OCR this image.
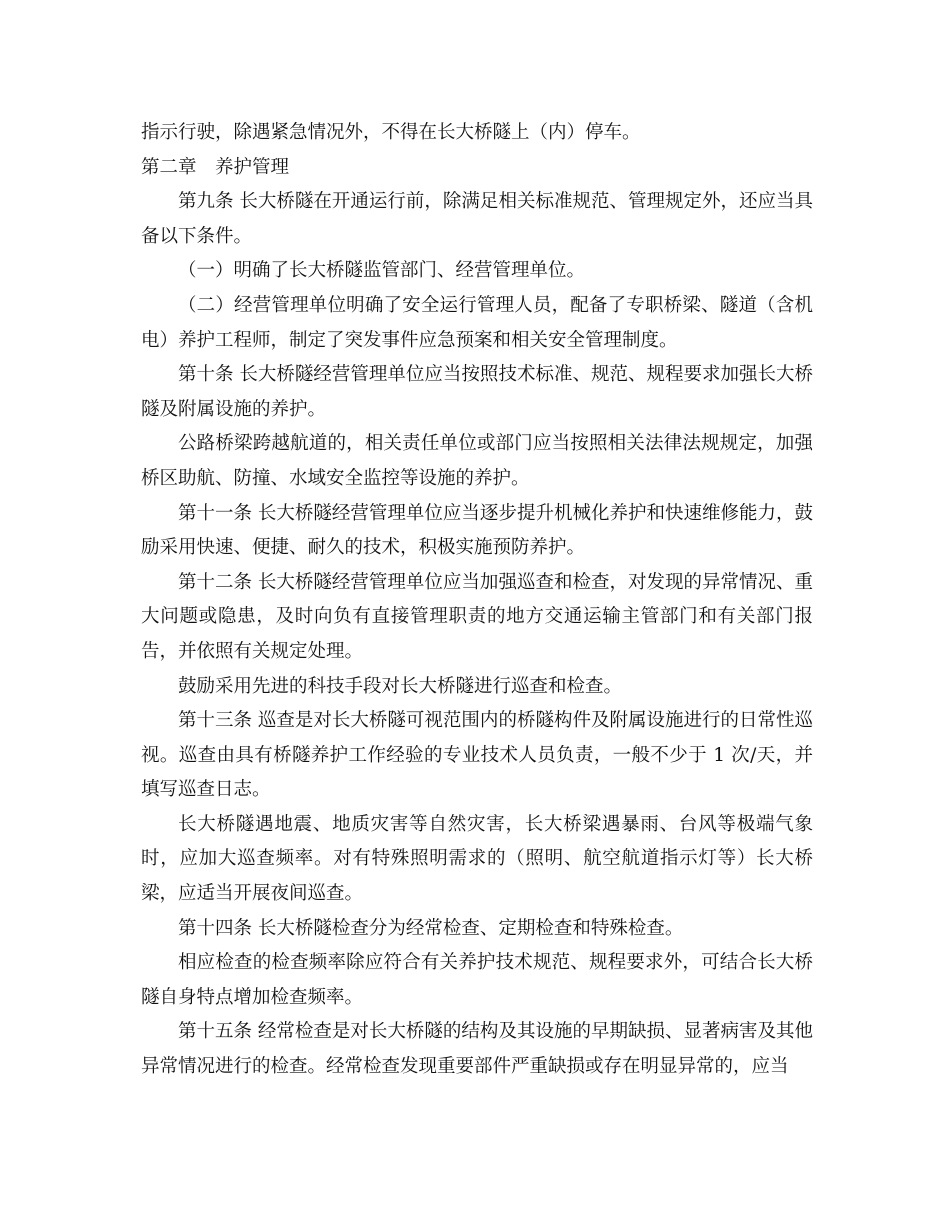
指示行驶，除遇紧急情况外，不得在长大桥隧上（内）停车。

第二章　养护管理

第九条 长大桥隧在开通运行前，除满足相关标准规范、管理规定外，还应当具备以下条件。

（一）明确了长大桥隧监管部门、经营管理单位。

（二）经营管理单位明确了安全运行管理人员，配备了专职桥梁、隧道（含机电）养护工程师，制定了突发事件应急预案和相关安全管理制度。

第十条 长大桥隧经营管理单位应当按照技术标准、规范、规程要求加强长大桥隧及附属设施的养护。

公路桥梁跨越航道的，相关责任单位或部门应当按照相关法律法规规定，加强桥区助航、防撞、水域安全监控等设施的养护。

第十一条 长大桥隧经营管理单位应当逐步提升机械化养护和快速维修能力，鼓励采用快速、便捷、耐久的技术，积极实施预防养护。

第十二条 长大桥隧经营管理单位应当加强巡查和检查，对发现的异常情况、重大问题或隐患，及时向负有直接管理职责的地方交通运输主管部门和有关部门报告，并依照有关规定处理。

鼓励采用先进的科技手段对长大桥隧进行巡查和检查。

第十三条 巡查是对长大桥隧可视范围内的桥隧构件及附属设施进行的日常性巡视。巡查由具有桥隧养护工作经验的专业技术人员负责，一般不少于 1 次/天，并填写巡查日志。

长大桥隧遇地震、地质灾害等自然灾害，长大桥梁遇暴雨、台风等极端气象时，应加大巡查频率。对有特殊照明需求的（照明、航空航道指示灯等）长大桥梁，应适当开展夜间巡查。

第十四条 长大桥隧检查分为经常检查、定期检查和特殊检查。

相应检查的检查频率除应符合有关养护技术规范、规程要求外，可结合长大桥隧自身特点增加检查频率。

第十五条 经常检查是对长大桥隧的结构及其设施的早期缺损、显著病害及其他异常情况进行的检查。经常检查发现重要部件严重缺损或存在明显异常的，应当
